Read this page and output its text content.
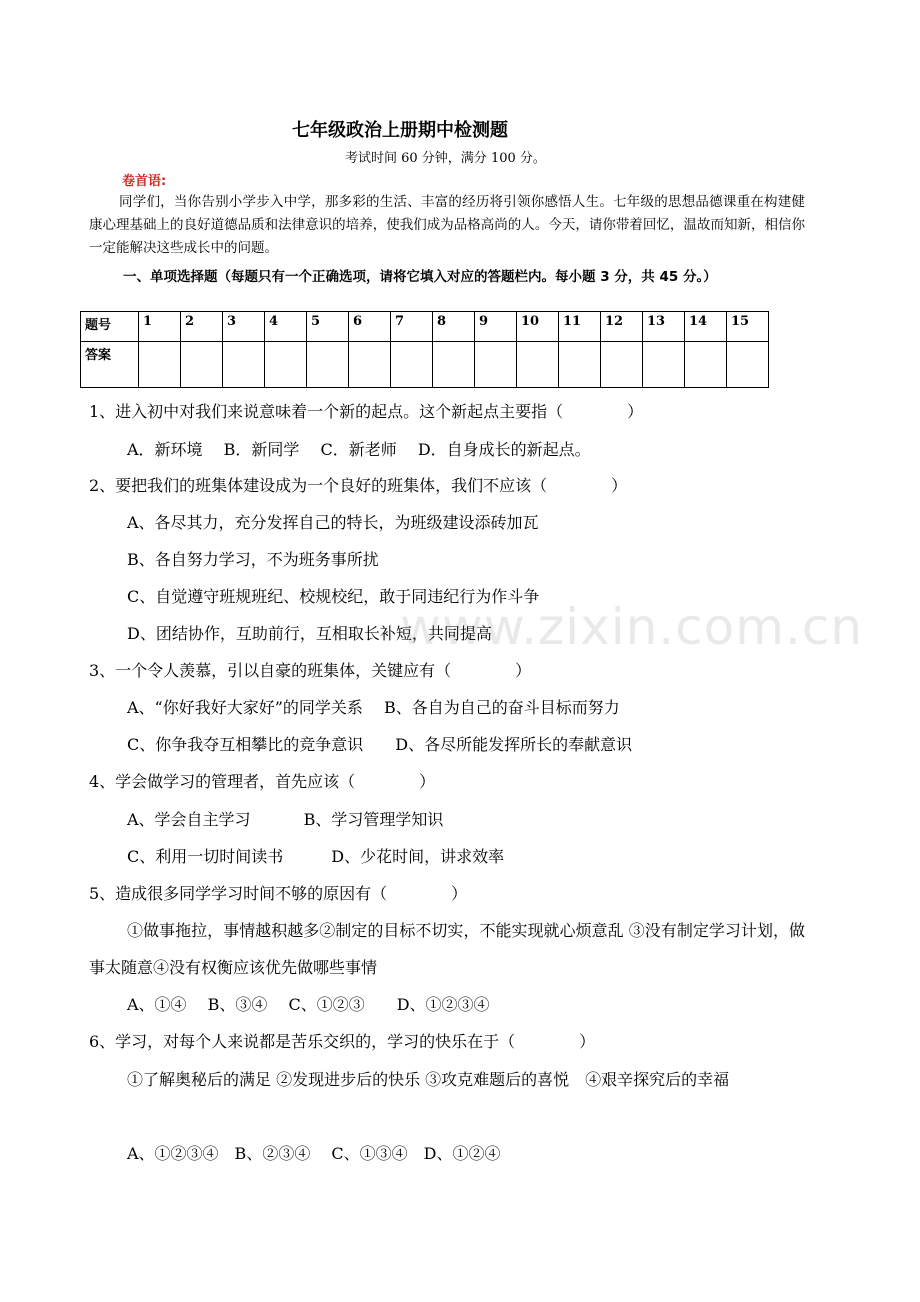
七年级政治上册期中检测题
考试时间 60 分钟，满分 100 分。
卷首语:
同学们，当你告别小学步入中学，那多彩的生活、丰富的经历将引领你感悟人生。七年级的思想品德课重在构建健康心理基础上的良好道德品质和法律意识的培养，使我们成为品格高尚的人。今天，请你带着回忆，温故而知新，相信你一定能解决这些成长中的问题。
一、单项选择题（每题只有一个正确选项，请将它填入对应的答题栏内。每小题 3 分，共 45 分。）
题号	1	2	3	4	5	6	7	8	9	10	11	12	13	14	15
答案															
1、进入初中对我们来说意味着一个新的起点。这个新起点主要指（　　　　）
A．新环境　 B．新同学　 C．新老师　 D．自身成长的新起点。
2、要把我们的班集体建设成为一个良好的班集体，我们不应该（　　　　）
A、各尽其力，充分发挥自己的特长，为班级建设添砖加瓦
B、各自努力学习，不为班务事所扰
C、自觉遵守班规班纪、校规校纪，敢于同违纪行为作斗争
D、团结协作，互助前行，互相取长补短，共同提高
3、一个令人羡慕，引以自豪的班集体，关键应有（　　　　）
A、“你好我好大家好”的同学关系　 B、各自为自己的奋斗目标而努力
C、你争我夺互相攀比的竞争意识　　D、各尽所能发挥所长的奉献意识
4、学会做学习的管理者，首先应该（　　　　）
A、学会自主学习　　　 B、学习管理学知识
C、利用一切时间读书　　　D、少花时间，讲求效率
5、造成很多同学学习时间不够的原因有（　　　　）
①做事拖拉，事情越积越多②制定的目标不切实，不能实现就心烦意乱 ③没有制定学习计划，做事太随意④没有权衡应该优先做哪些事情
A、①④　 B、③④　 C、①②③　　D、①②③④
6、学习，对每个人来说都是苦乐交织的，学习的快乐在于（　　　　）
①了解奥秘后的满足 ②发现进步后的快乐 ③攻克难题后的喜悦　④艰辛探究后的幸福
A、①②③④　B、②③④　 C、①③④　D、①②④
www.zixin.com.cn
